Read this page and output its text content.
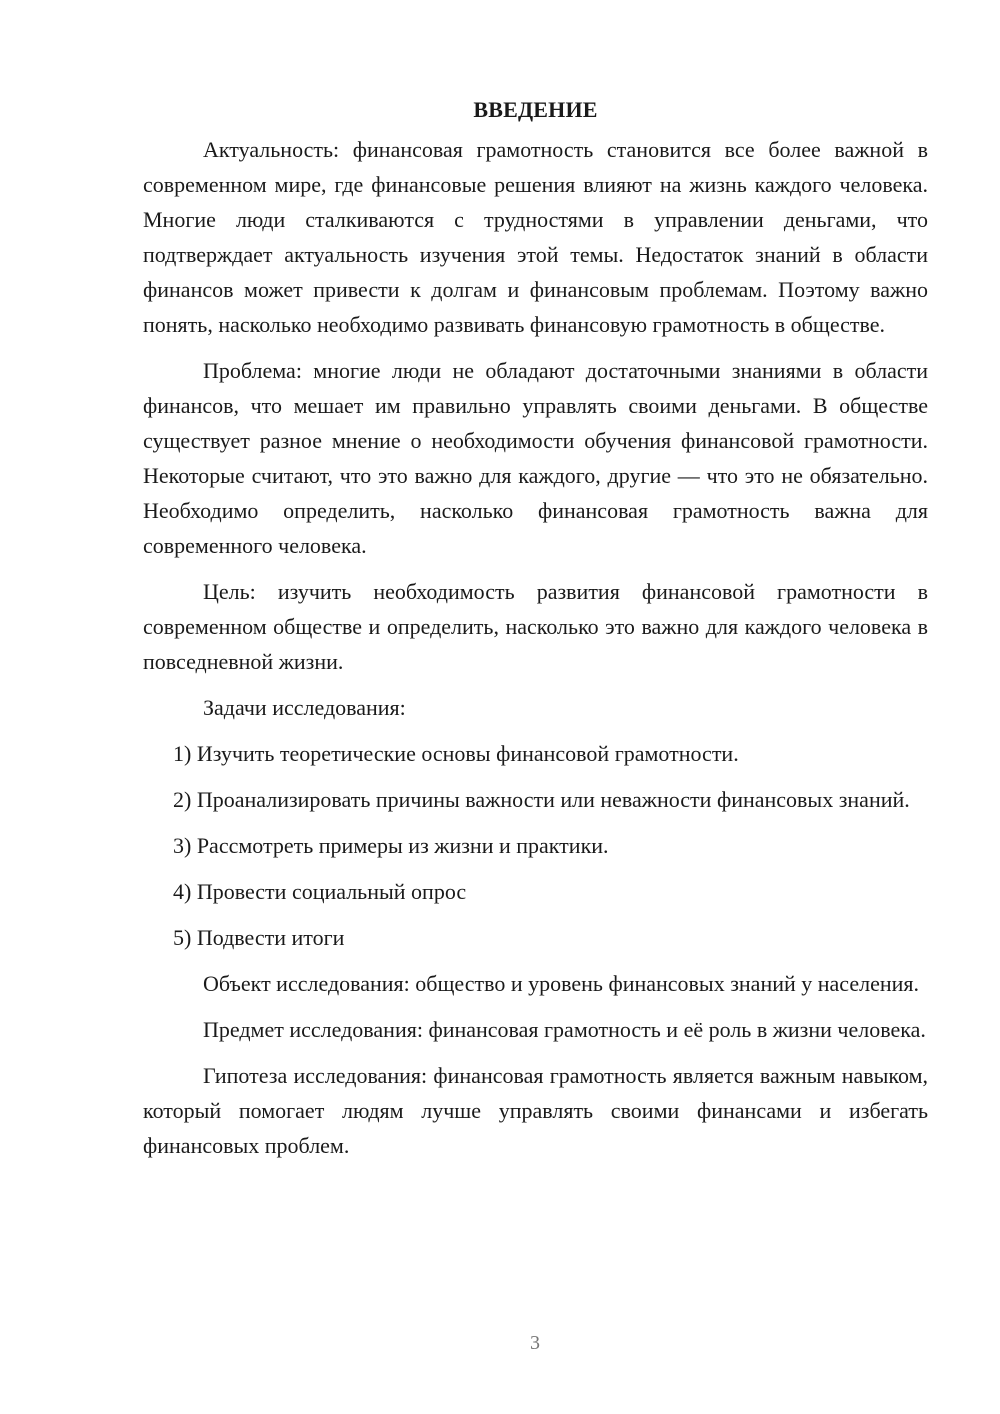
ВВЕДЕНИЕ

Актуальность: финансовая грамотность становится все более важной в современном мире, где финансовые решения влияют на жизнь каждого человека. Многие люди сталкиваются с трудностями в управлении деньгами, что подтверждает актуальность изучения этой темы. Недостаток знаний в области финансов может привести к долгам и финансовым проблемам. Поэтому важно понять, насколько необходимо развивать финансовую грамотность в обществе.

Проблема: многие люди не обладают достаточными знаниями в области финансов, что мешает им правильно управлять своими деньгами. В обществе существует разное мнение о необходимости обучения финансовой грамотности. Некоторые считают, что это важно для каждого, другие — что это не обязательно. Необходимо определить, насколько финансовая грамотность важна для современного человека.

Цель: изучить необходимость развития финансовой грамотности в современном обществе и определить, насколько это важно для каждого человека в повседневной жизни.

Задачи исследования:

1) Изучить теоретические основы финансовой грамотности.

2) Проанализировать причины важности или неважности финансовых знаний.

3) Рассмотреть примеры из жизни и практики.

4) Провести социальный опрос

5) Подвести итоги

Объект исследования: общество и уровень финансовых знаний у населения.

Предмет исследования: финансовая грамотность и её роль в жизни человека.

Гипотеза исследования: финансовая грамотность является важным навыком, который помогает людям лучше управлять своими финансами и избегать финансовых проблем.

3
